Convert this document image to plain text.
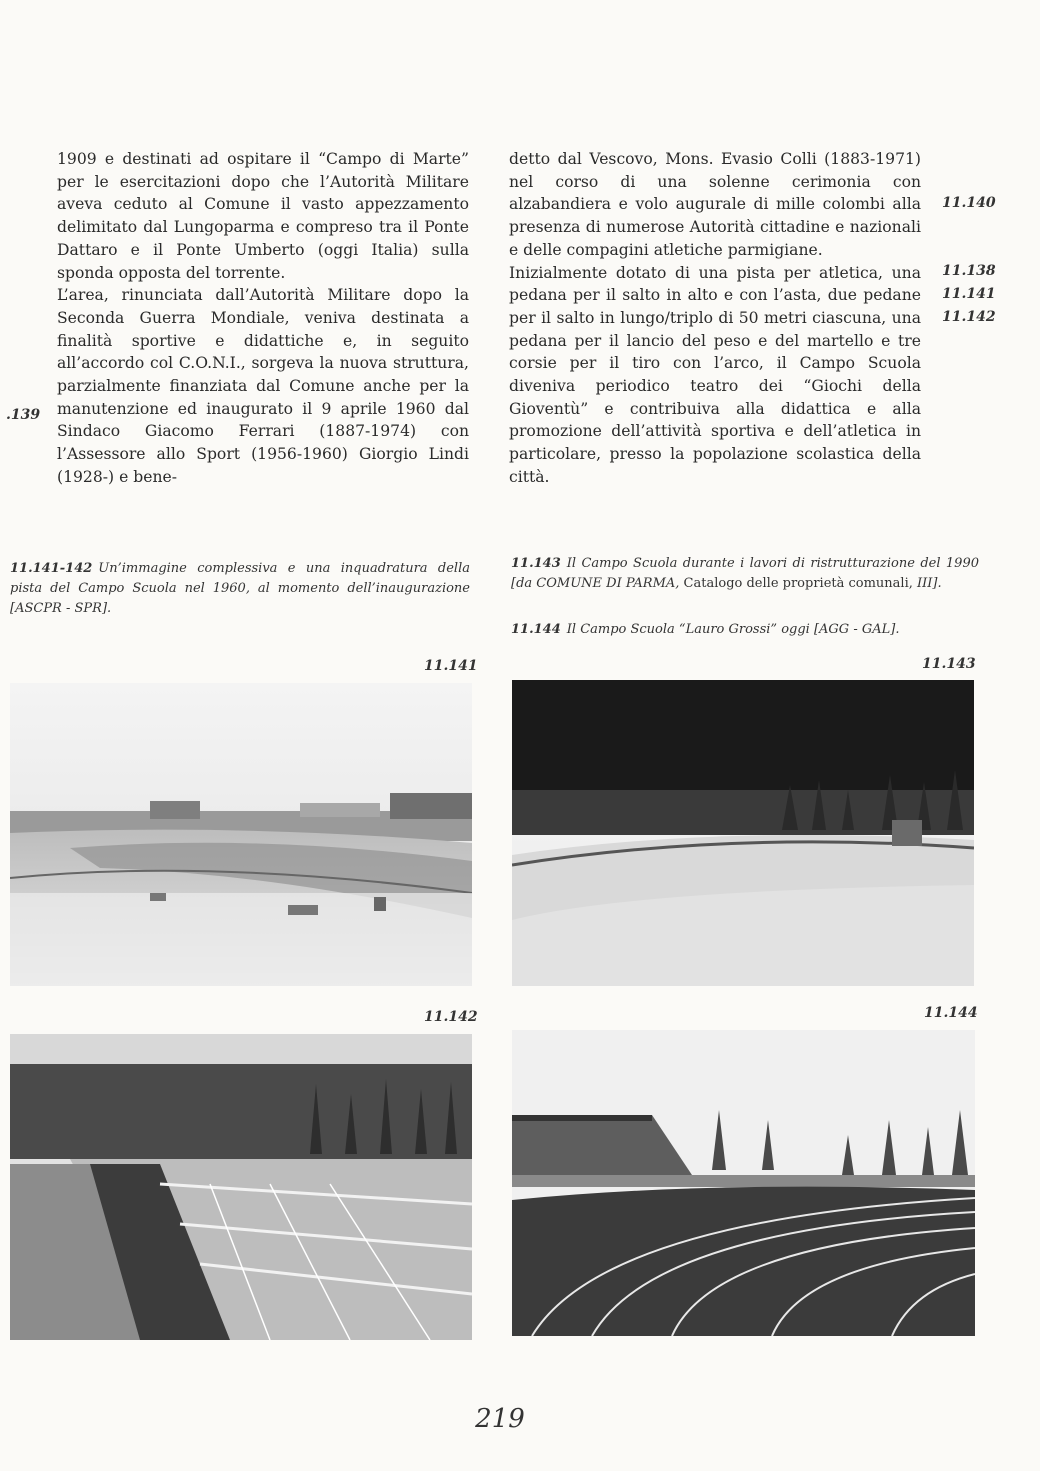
1909 e destinati ad ospitare il “Campo di Marte” per le esercitazioni dopo che l’Autorità Militare aveva ceduto al Comune il vasto appezzamento delimitato dal Lungoparma e compreso tra il Ponte Dattaro e il Ponte Umberto (oggi Italia) sulla sponda opposta del torrente.

L’area, rinunciata dall’Autorità Militare dopo la Seconda Guerra Mondiale, veniva destinata a finalità sportive e didattiche e, in seguito all’accordo col C.O.N.I., sorgeva la nuova struttura, parzialmente finanziata dal Comune anche per la manutenzione ed inaugurato il 9 aprile 1960 dal Sindaco Giacomo Ferrari (1887-1974) con l’Assessore allo Sport (1956-1960) Giorgio Lindi (1928-) e bene-

detto dal Vescovo, Mons. Evasio Colli (1883-1971) nel corso di una solenne cerimonia con alzabandiera e volo augurale di mille colombi alla presenza di numerose Autorità cittadine e nazionali e delle compagini atletiche parmigiane.

Inizialmente dotato di una pista per atletica, una pedana per il salto in alto e con l’asta, due pedane per il salto in lungo/triplo di 50 metri ciascuna, una pedana per il lancio del peso e del martello e tre corsie per il tiro con l’arco, il Campo Scuola diveniva periodico teatro dei “Giochi della Gioventù” e contribuiva alla didattica e alla promozione dell’attività sportiva e dell’atletica in particolare, presso la popolazione scolastica della città.

.139
11.140
11.138
11.141
11.142
11.141-142 Un’immagine complessiva e una inquadratura della pista del Campo Scuola nel 1960, al momento dell’inaugurazione [ASCPR - SPR].
11.143 Il Campo Scuola durante i lavori di ristrutturazione del 1990 [da COMUNE DI PARMA, Catalogo delle proprietà comunali, III].
11.144 Il Campo Scuola “Lauro Grossi” oggi [AGG - GAL].
11.141	11.143
11.142	11.144
219
